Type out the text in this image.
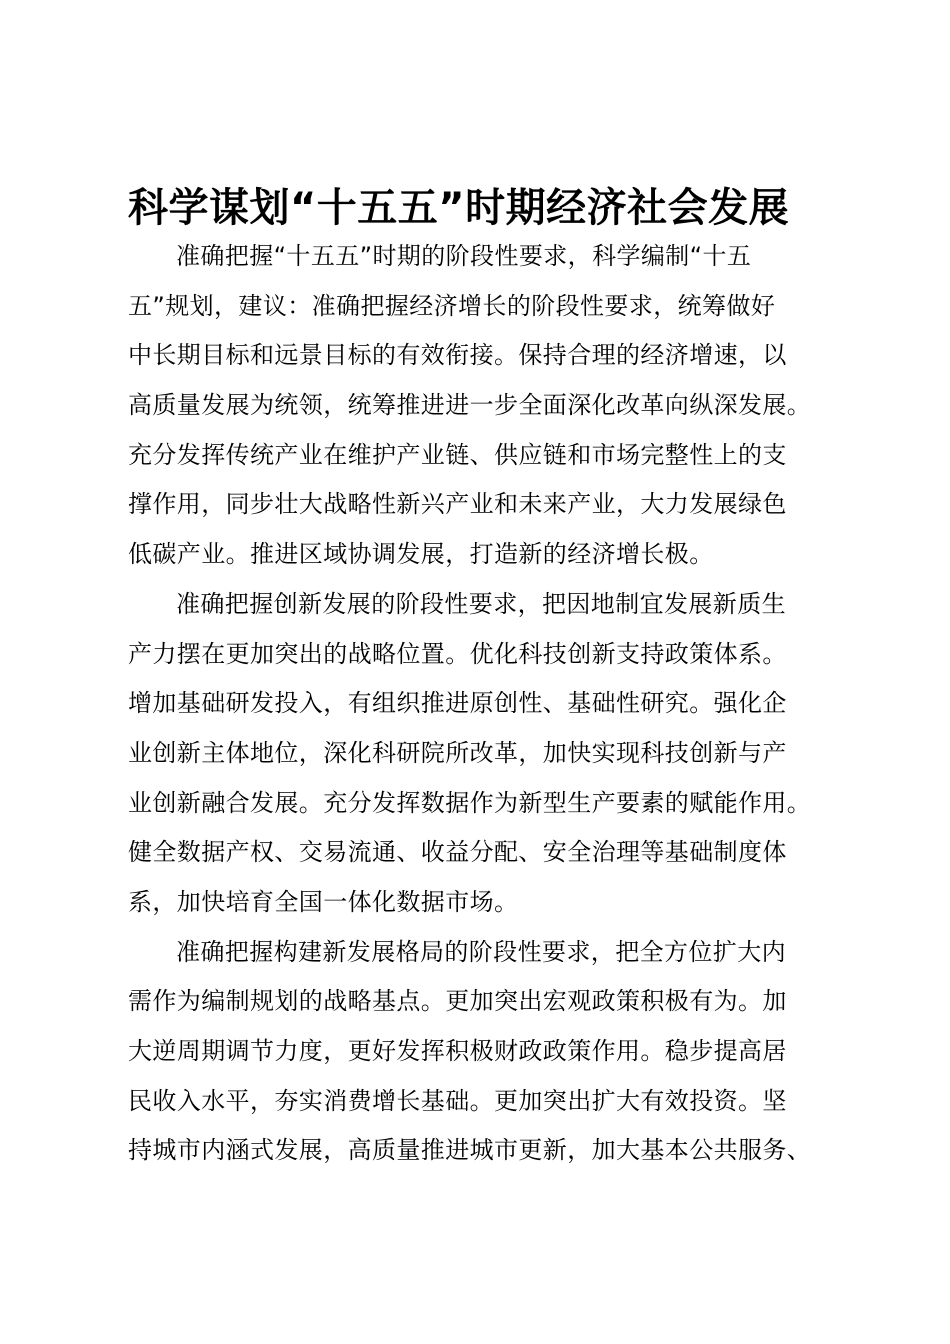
科学谋划“十五五”时期经济社会发展
准确把握“十五五”时期的阶段性要求，科学编制“十五
五”规划，建议：准确把握经济增长的阶段性要求，统筹做好
中长期目标和远景目标的有效衔接。保持合理的经济增速，以
高质量发展为统领，统筹推进进一步全面深化改革向纵深发展。
充分发挥传统产业在维护产业链、供应链和市场完整性上的支
撑作用，同步壮大战略性新兴产业和未来产业，大力发展绿色
低碳产业。推进区域协调发展，打造新的经济增长极。
准确把握创新发展的阶段性要求，把因地制宜发展新质生
产力摆在更加突出的战略位置。优化科技创新支持政策体系。
增加基础研发投入，有组织推进原创性、基础性研究。强化企
业创新主体地位，深化科研院所改革，加快实现科技创新与产
业创新融合发展。充分发挥数据作为新型生产要素的赋能作用。
健全数据产权、交易流通、收益分配、安全治理等基础制度体
系，加快培育全国一体化数据市场。
准确把握构建新发展格局的阶段性要求，把全方位扩大内
需作为编制规划的战略基点。更加突出宏观政策积极有为。加
大逆周期调节力度，更好发挥积极财政政策作用。稳步提高居
民收入水平，夯实消费增长基础。更加突出扩大有效投资。坚
持城市内涵式发展，高质量推进城市更新，加大基本公共服务、
